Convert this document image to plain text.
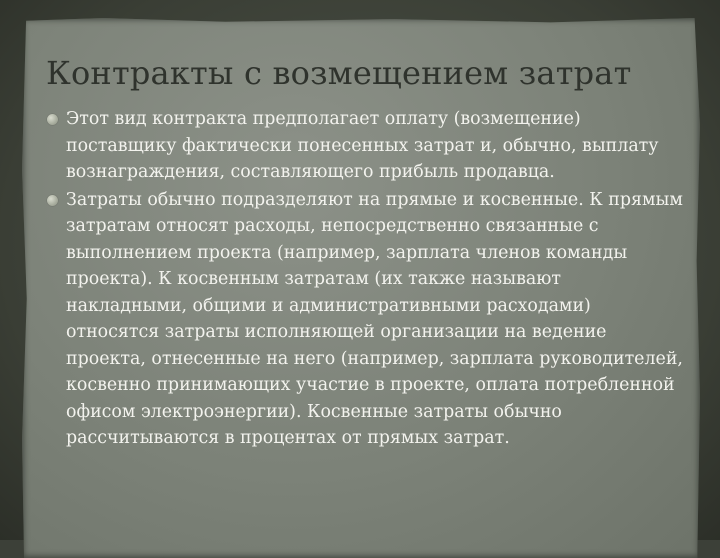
Контракты с возмещением затрат
Этот вид контракта предполагает оплату (возмещение) поставщику фактически понесенных затрат и, обычно, выплату вознаграждения, составляющего прибыль продавца.
Затраты обычно подразделяют на прямые и косвенные. К прямым затратам относят расходы, непосредственно связанные с выполнением проекта (например, зарплата членов команды проекта). К косвенным затратам (их также называют накладными, общими и административными расходами) относятся затраты исполняющей организации на ведение проекта, отнесенные на него (например, зарплата руководителей, косвенно принимающих участие в проекте, оплата потребленной офисом электроэнергии). Косвенные затраты обычно рассчитываются в процентах от прямых затрат.
